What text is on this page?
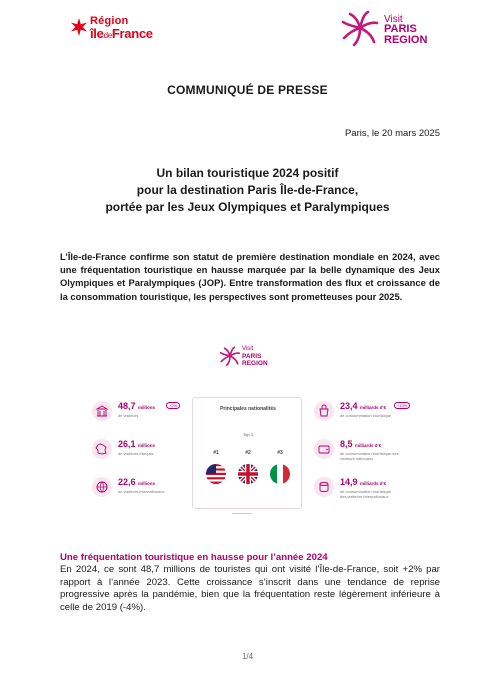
Région
îledeFrance
Visit
PARIS
REGION
COMMUNIQUÉ DE PRESSE
Paris, le 20 mars 2025
Un bilan touristique 2024 positif
pour la destination Paris Île-de-France,
portée par les Jeux Olympiques et Paralympiques

L’Île-de-France confirme son statut de première destination mondiale en 2024, avec une fréquentation touristique en hausse marquée par la belle dynamique des Jeux Olympiques et Paralympiques (JOP). Entre transformation des flux et croissance de la consommation touristique, les perspectives sont prometteuses pour 2025.

Visit
PARIS
REGION
48,7 millions	+2%
de visiteurs
26,1 millions
de visiteurs français
22,6 millions
de visiteurs internationaux
Principales nationalités
Top 3
#1	#2	#3
23,4 milliards d’€	+13%
de consommation touristique
8,5 milliards d’€
de consommation touristique des
visiteurs nationaux
14,9 milliards d’€
de consommation touristique
des visiteurs internationaux
Une fréquentation touristique en hausse pour l’année 2024

En 2024, ce sont 48,7 millions de touristes qui ont visité l’Île-de-France, soit +2% par rapport à l’année 2023. Cette croissance s’inscrit dans une tendance de reprise progressive après la pandémie, bien que la fréquentation reste légèrement inférieure à celle de 2019 (-4%).

1/4
